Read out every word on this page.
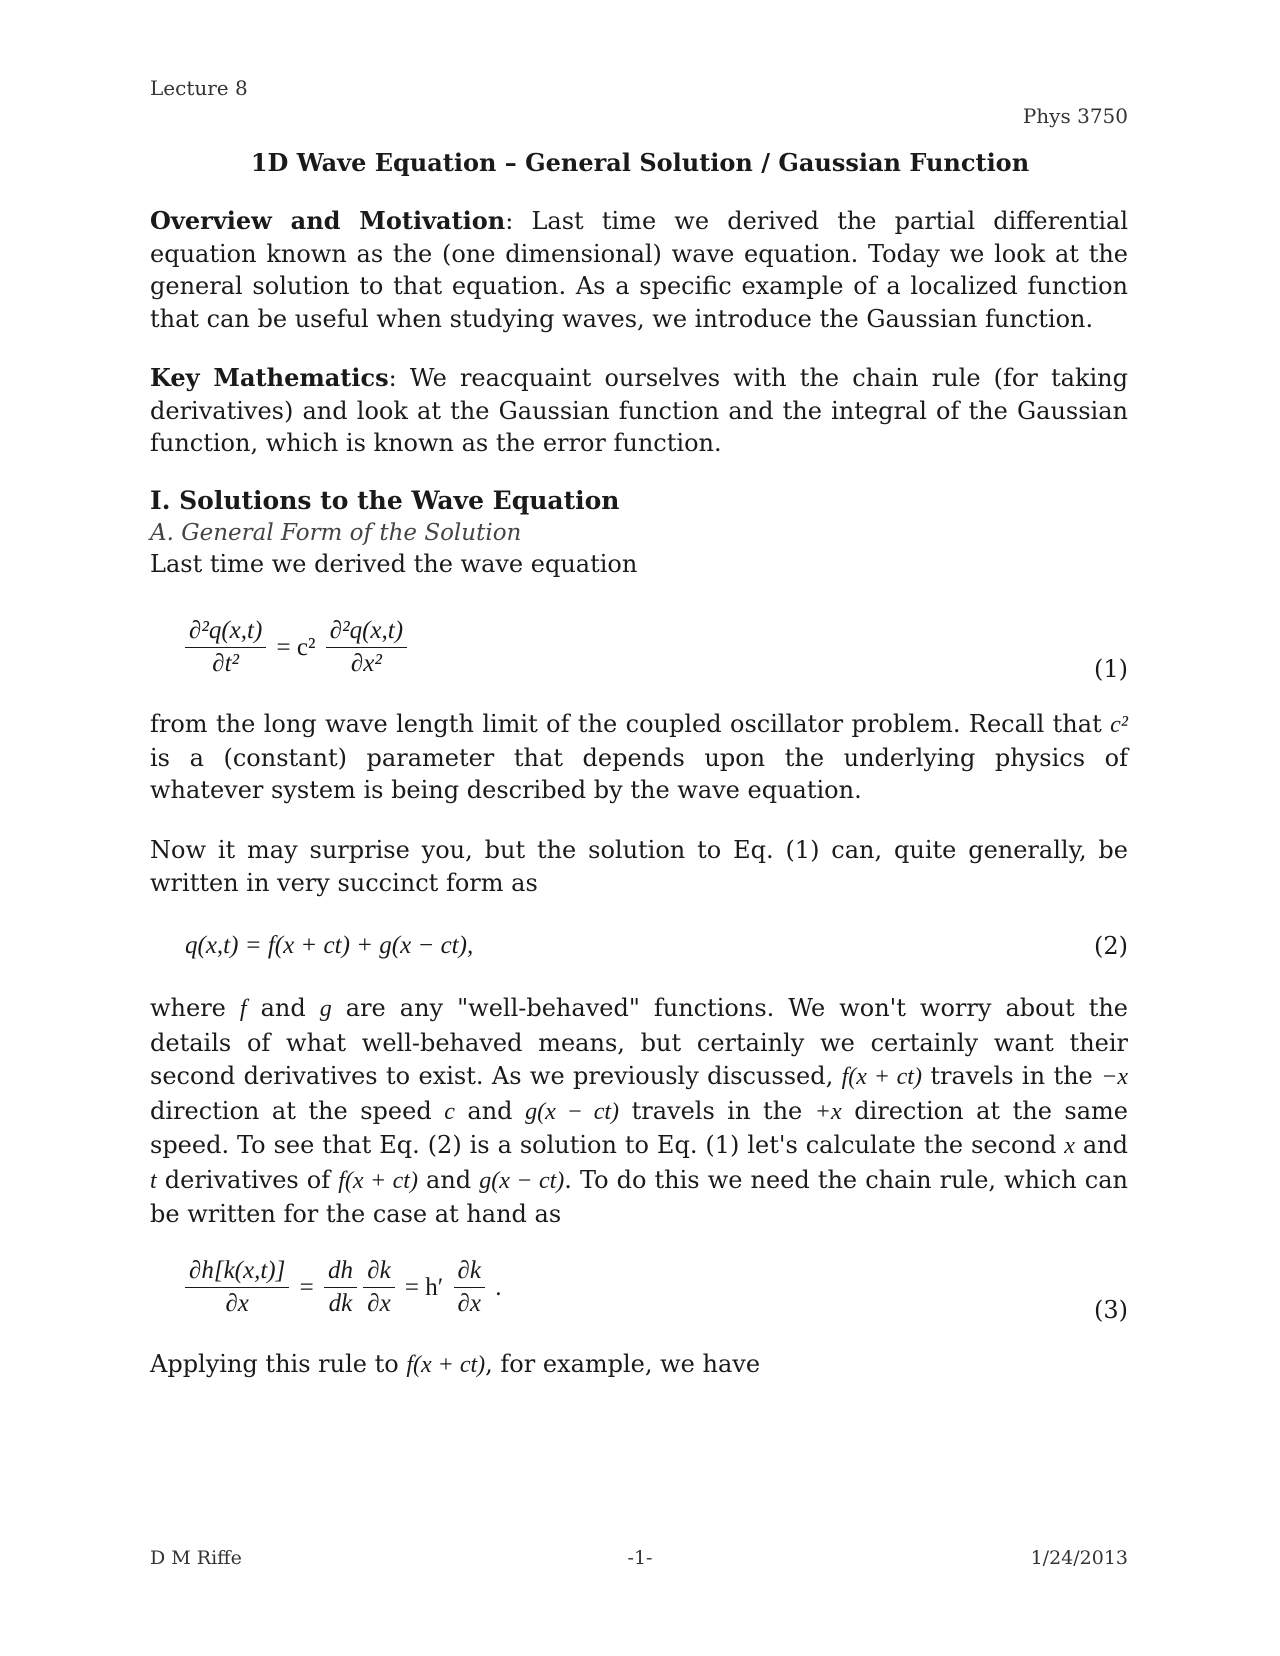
Lecture 8
Phys 3750
1D Wave Equation – General Solution / Gaussian Function
Overview and Motivation: Last time we derived the partial differential equation known as the (one dimensional) wave equation. Today we look at the general solution to that equation. As a specific example of a localized function that can be useful when studying waves, we introduce the Gaussian function.
Key Mathematics: We reacquaint ourselves with the chain rule (for taking derivatives) and look at the Gaussian function and the integral of the Gaussian function, which is known as the error function.
I. Solutions to the Wave Equation
A. General Form of the Solution
Last time we derived the wave equation
$\frac{\text{∂²q(x,t)}}{\text{∂t²}} = c^2 \frac{\text{∂²q(x,t)}}{\text{∂x²}}$	(1)
from the long wave length limit of the coupled oscillator problem. Recall that c² is a (constant) parameter that depends upon the underlying physics of whatever system is being described by the wave equation.
Now it may surprise you, but the solution to Eq. (1) can, quite generally, be written in very succinct form as
q(x,t) = f(x + ct) + g(x − ct),	(2)
where f and g are any "well-behaved" functions. We won't worry about the details of what well-behaved means, but certainly we certainly want their second derivatives to exist. As we previously discussed, f(x + ct) travels in the −x direction at the speed c and g(x − ct) travels in the +x direction at the same speed. To see that Eq. (2) is a solution to Eq. (1) let's calculate the second x and t derivatives of f(x + ct) and g(x − ct). To do this we need the chain rule, which can be written for the case at hand as
$\frac{\partial h[k(x,t)]}{\partial x} = \frac{dh}{dk}$
$\frac{\partial k}{\partial x} = h' \frac{\partial k}{\partial x}$ .
(3)
Applying this rule to f(x + ct), for example, we have
D M Riffe	-1-	1/24/2013
